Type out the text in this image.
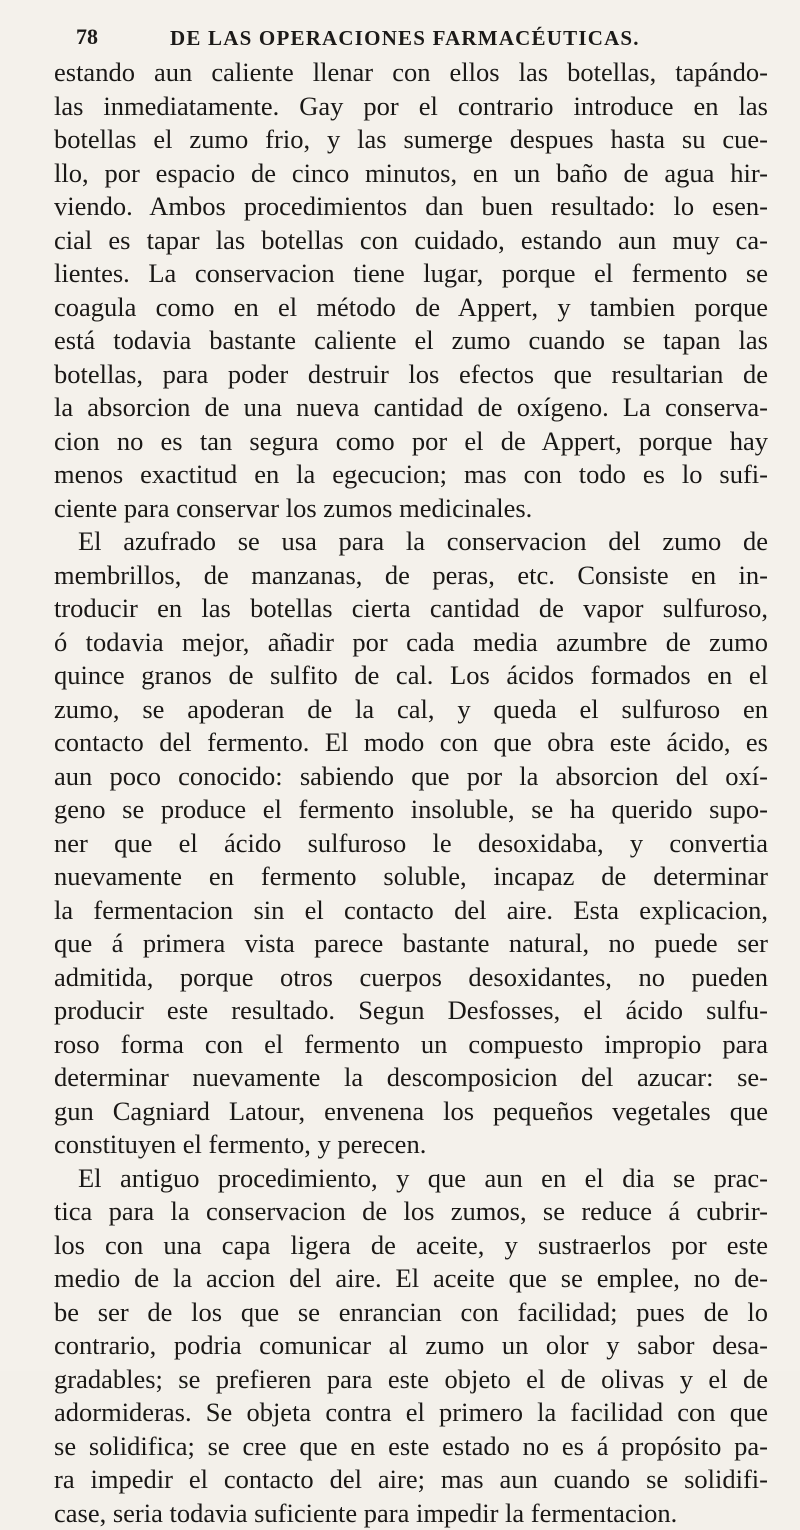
78	DE LAS OPERACIONES FARMACÉUTICAS.
estando aun caliente llenar con ellos las botellas, tapándo-
las inmediatamente. Gay por el contrario introduce en las
botellas el zumo frio, y las sumerge despues hasta su cue-
llo, por espacio de cinco minutos, en un baño de agua hir-
viendo. Ambos procedimientos dan buen resultado: lo esen-
cial es tapar las botellas con cuidado, estando aun muy ca-
lientes. La conservacion tiene lugar, porque el fermento se
coagula como en el método de Appert, y tambien porque
está todavia bastante caliente el zumo cuando se tapan las
botellas, para poder destruir los efectos que resultarian de
la absorcion de una nueva cantidad de oxígeno. La conserva-
cion no es tan segura como por el de Appert, porque hay
menos exactitud en la egecucion; mas con todo es lo sufi-
ciente para conservar los zumos medicinales.
El azufrado se usa para la conservacion del zumo de
membrillos, de manzanas, de peras, etc. Consiste en in-
troducir en las botellas cierta cantidad de vapor sulfuroso,
ó todavia mejor, añadir por cada media azumbre de zumo
quince granos de sulfito de cal. Los ácidos formados en el
zumo, se apoderan de la cal, y queda el sulfuroso en
contacto del fermento. El modo con que obra este ácido, es
aun poco conocido: sabiendo que por la absorcion del oxí-
geno se produce el fermento insoluble, se ha querido supo-
ner que el ácido sulfuroso le desoxidaba, y convertia
nuevamente en fermento soluble, incapaz de determinar
la fermentacion sin el contacto del aire. Esta explicacion,
que á primera vista parece bastante natural, no puede ser
admitida, porque otros cuerpos desoxidantes, no pueden
producir este resultado. Segun Desfosses, el ácido sulfu-
roso forma con el fermento un compuesto impropio para
determinar nuevamente la descomposicion del azucar: se-
gun Cagniard Latour, envenena los pequeños vegetales que
constituyen el fermento, y perecen.
El antiguo procedimiento, y que aun en el dia se prac-
tica para la conservacion de los zumos, se reduce á cubrir-
los con una capa ligera de aceite, y sustraerlos por este
medio de la accion del aire. El aceite que se emplee, no de-
be ser de los que se enrancian con facilidad; pues de lo
contrario, podria comunicar al zumo un olor y sabor desa-
gradables; se prefieren para este objeto el de olivas y el de
adormideras. Se objeta contra el primero la facilidad con que
se solidifica; se cree que en este estado no es á propósito pa-
ra impedir el contacto del aire; mas aun cuando se solidifi-
case, seria todavia suficiente para impedir la fermentacion.
